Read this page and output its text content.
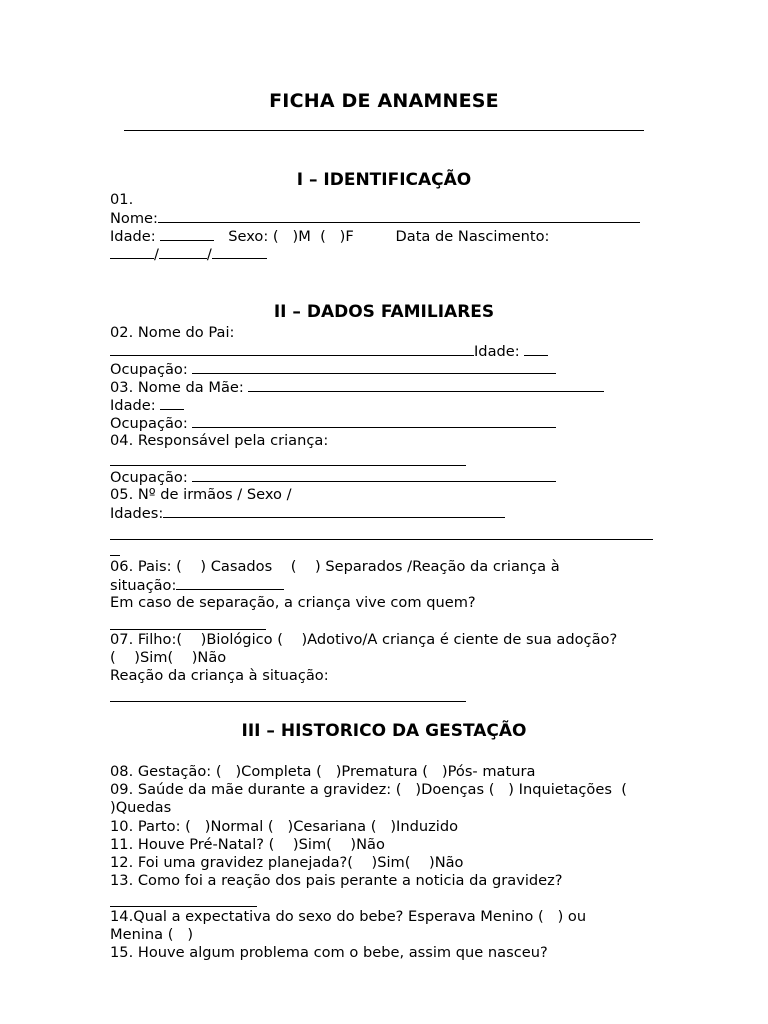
FICHA DE ANAMNESE
I – IDENTIFICAÇÃO
01.
Nome:
Idade:	Sexo: (   )M  (   )F	Data de Nascimento:
/	/
II – DADOS FAMILIARES
02. Nome do Pai:
Idade:
Ocupação:
03. Nome da Mãe:
Idade:
Ocupação:
04. Responsável pela criança:
Ocupação:
05. Nº de irmãos / Sexo /
Idades:
06. Pais: (    ) Casados    (    ) Separados /Reação da criança à
situação:
Em caso de separação, a criança vive com quem?
07. Filho:(    )Biológico (    )Adotivo/A criança é ciente de sua adoção?
(    )Sim(    )Não
Reação da criança à situação:
III – HISTORICO DA GESTAÇÃO
08. Gestação: (   )Completa (   )Prematura (   )Pós- matura
09. Saúde da mãe durante a gravidez: (   )Doenças (   ) Inquietações  (
)Quedas
10. Parto: (   )Normal (   )Cesariana (   )Induzido
11. Houve Pré-Natal? (    )Sim(    )Não
12. Foi uma gravidez planejada?(    )Sim(    )Não
13. Como foi a reação dos pais perante a noticia da gravidez?
14.Qual a expectativa do sexo do bebe? Esperava Menino (   ) ou
Menina (   )
15. Houve algum problema com o bebe, assim que nasceu?
